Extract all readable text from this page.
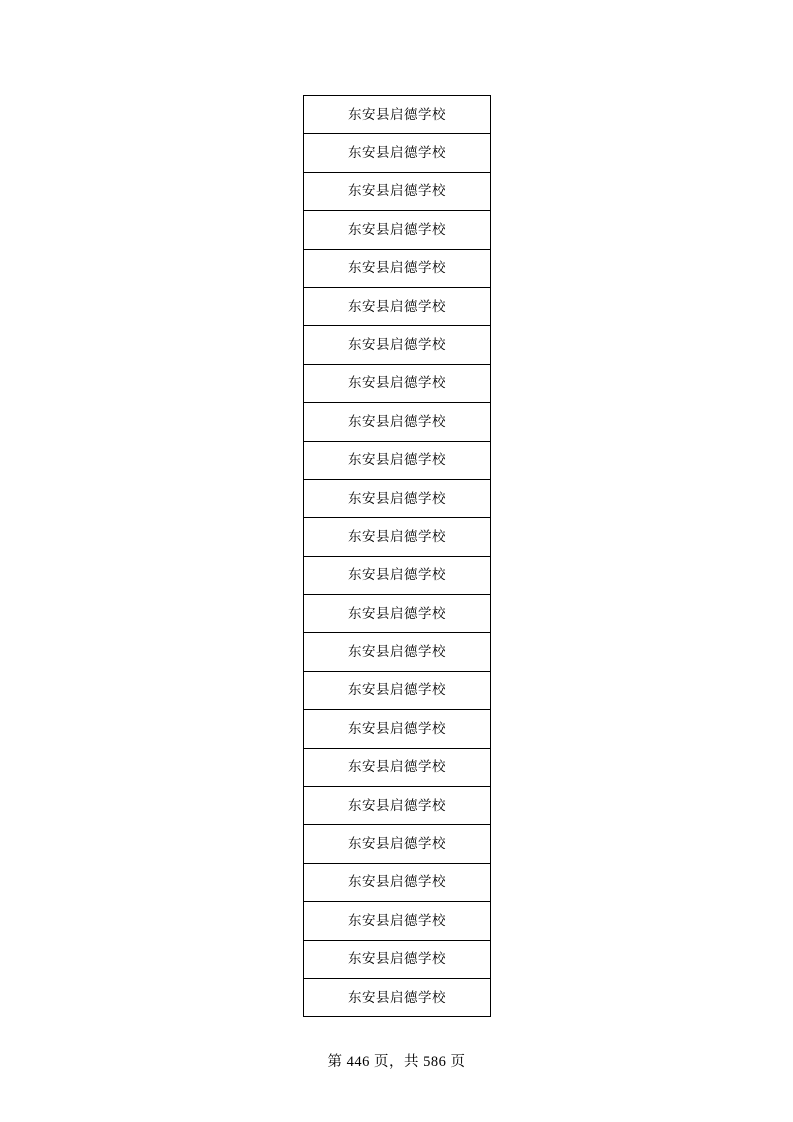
东安县启德学校
东安县启德学校
东安县启德学校
东安县启德学校
东安县启德学校
东安县启德学校
东安县启德学校
东安县启德学校
东安县启德学校
东安县启德学校
东安县启德学校
东安县启德学校
东安县启德学校
东安县启德学校
东安县启德学校
东安县启德学校
东安县启德学校
东安县启德学校
东安县启德学校
东安县启德学校
东安县启德学校
东安县启德学校
东安县启德学校
东安县启德学校
第 446 页，共 586 页
